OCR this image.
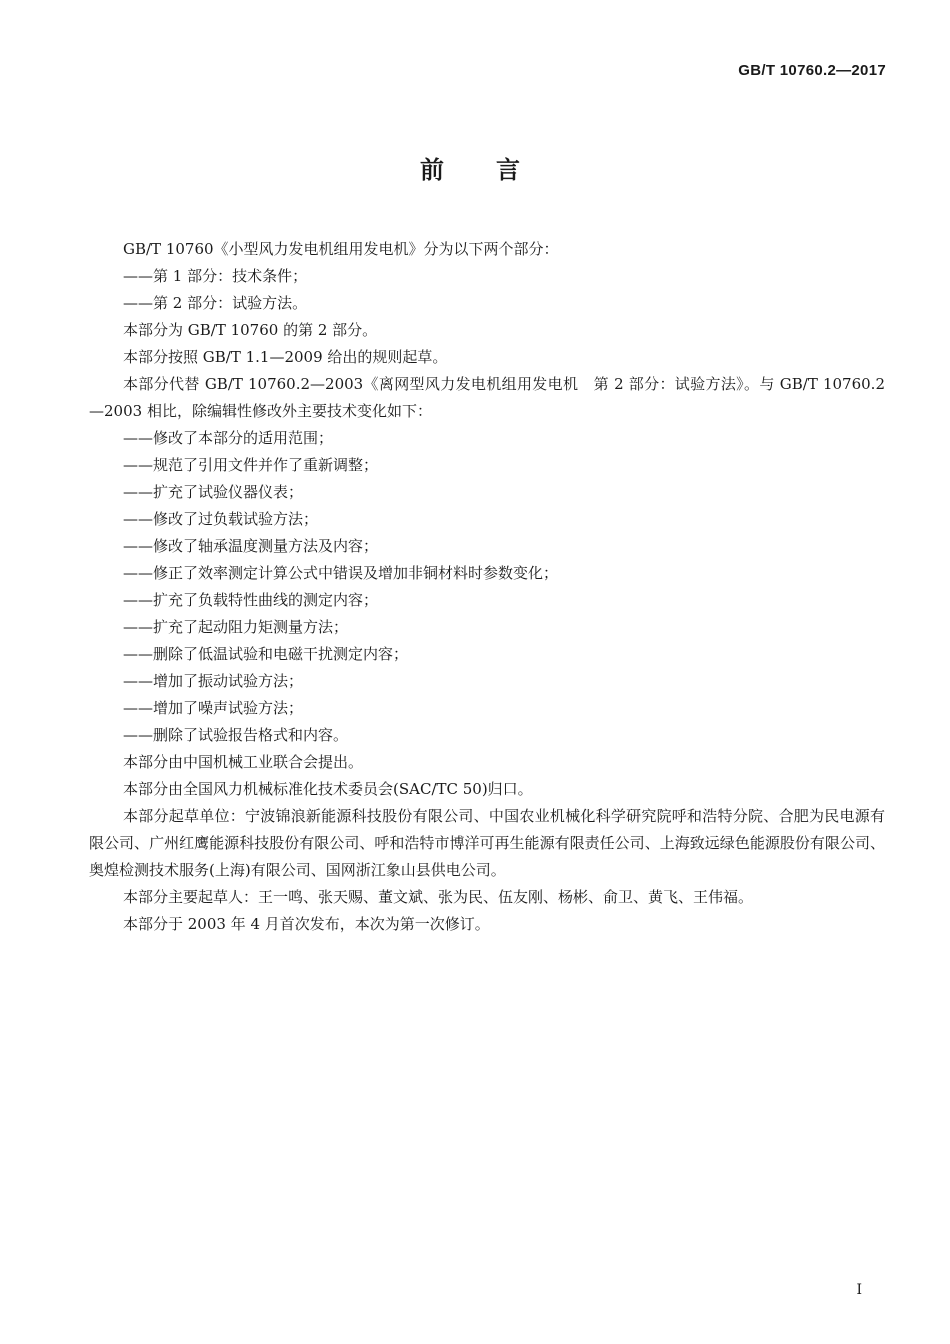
GB/T 10760.2—2017
前言

GB/T 10760《小型风力发电机组用发电机》分为以下两个部分：

——第 1 部分：技术条件；

——第 2 部分：试验方法。

本部分为 GB/T 10760 的第 2 部分。

本部分按照 GB/T 1.1—2009 给出的规则起草。

本部分代替 GB/T 10760.2—2003《离网型风力发电机组用发电机　第 2 部分：试验方法》。与 GB/T 10760.2—2003 相比，除编辑性修改外主要技术变化如下：

——修改了本部分的适用范围；

——规范了引用文件并作了重新调整；

——扩充了试验仪器仪表；

——修改了过负载试验方法；

——修改了轴承温度测量方法及内容；

——修正了效率测定计算公式中错误及增加非铜材料时参数变化；

——扩充了负载特性曲线的测定内容；

——扩充了起动阻力矩测量方法；

——删除了低温试验和电磁干扰测定内容；

——增加了振动试验方法；

——增加了噪声试验方法；

——删除了试验报告格式和内容。

本部分由中国机械工业联合会提出。

本部分由全国风力机械标准化技术委员会(SAC/TC 50)归口。

本部分起草单位：宁波锦浪新能源科技股份有限公司、中国农业机械化科学研究院呼和浩特分院、合肥为民电源有限公司、广州红鹰能源科技股份有限公司、呼和浩特市博洋可再生能源有限责任公司、上海致远绿色能源股份有限公司、奥煌检测技术服务(上海)有限公司、国网浙江象山县供电公司。

本部分主要起草人：王一鸣、张天赐、董文斌、张为民、伍友刚、杨彬、俞卫、黄飞、王伟福。

本部分于 2003 年 4 月首次发布，本次为第一次修订。

I
